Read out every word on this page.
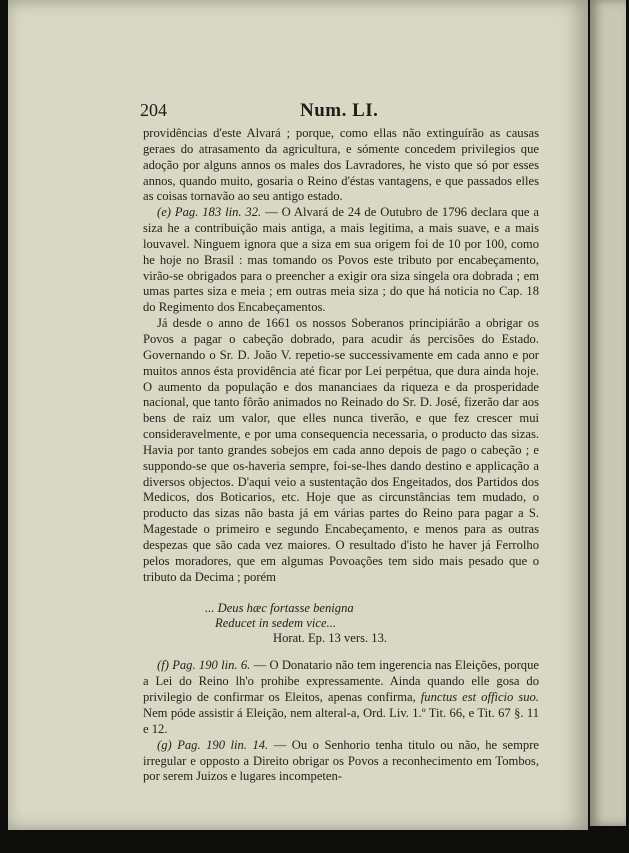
204	Num. LI.

providências d'este Alvará ; porque, como ellas não extinguírão as causas geraes do atrasamento da agricultura, e sómente concedem privilegios que adoção por alguns annos os males dos Lavradores, he visto que só por esses annos, quando muito, gosaria o Reino d'éstas vantagens, e que passados elles as coisas tornavão ao seu antigo estado.

(e) Pag. 183 lin. 32. — O Alvará de 24 de Outubro de 1796 declara que a siza he a contribuição mais antiga, a mais legitima, a mais suave, e a mais louvavel. Ninguem ignora que a siza em sua origem foi de 10 por 100, como he hoje no Brasil : mas tomando os Povos este tributo por encabeçamento, virão-se obrigados para o preencher a exigir ora siza singela ora dobrada ; em umas partes siza e meia ; em outras meia siza ; do que há noticia no Cap. 18 do Regimento dos Encabeçamentos.

Já desde o anno de 1661 os nossos Soberanos principiárão a obrigar os Povos a pagar o cabeção dobrado, para acudir ás percisões do Estado. Governando o Sr. D. João V. repetio-se successivamente em cada anno e por muitos annos ésta providência até ficar por Lei perpétua, que dura ainda hoje. O aumento da população e dos mananciaes da riqueza e da prosperidade nacional, que tanto fôrão animados no Reinado do Sr. D. José, fizerão dar aos bens de raiz um valor, que elles nunca tiverão, e que fez crescer mui consideravelmente, e por uma consequencia necessaria, o producto das sizas. Havia por tanto grandes sobejos em cada anno depois de pago o cabeção ; e suppondo-se que os-haveria sempre, foi-se-lhes dando destino e applicação a diversos objectos. D'aqui veio a sustentação dos Engeitados, dos Partidos dos Medicos, dos Boticarios, etc. Hoje que as circunstâncias tem mudado, o producto das sizas não basta já em várias partes do Reino para pagar a S. Magestade o primeiro e segundo Encabeçamento, e menos para as outras despezas que são cada vez maiores. O resultado d'isto he haver já Ferrolho pelos moradores, que em algumas Povoações tem sido mais pesado que o tributo da Decima ; porém

... Deus hæc fortasse benigna
Reducet in sedem vice...
Horat. Ep. 13 vers. 13.

(f) Pag. 190 lin. 6. — O Donatario não tem ingerencia nas Eleições, porque a Lei do Reino lh'o prohibe expressamente. Ainda quando elle gosa do privilegio de confirmar os Eleitos, apenas confirma, functus est officio suo. Nem póde assistir á Eleição, nem alteral-a, Ord. Liv. 1.º Tit. 66, e Tit. 67 §. 11 e 12.

(g) Pag. 190 lin. 14. — Ou o Senhorio tenha titulo ou não, he sempre irregular e opposto a Direito obrigar os Povos a reconhecimento em Tombos, por serem Juizos e lugares incompeten-
